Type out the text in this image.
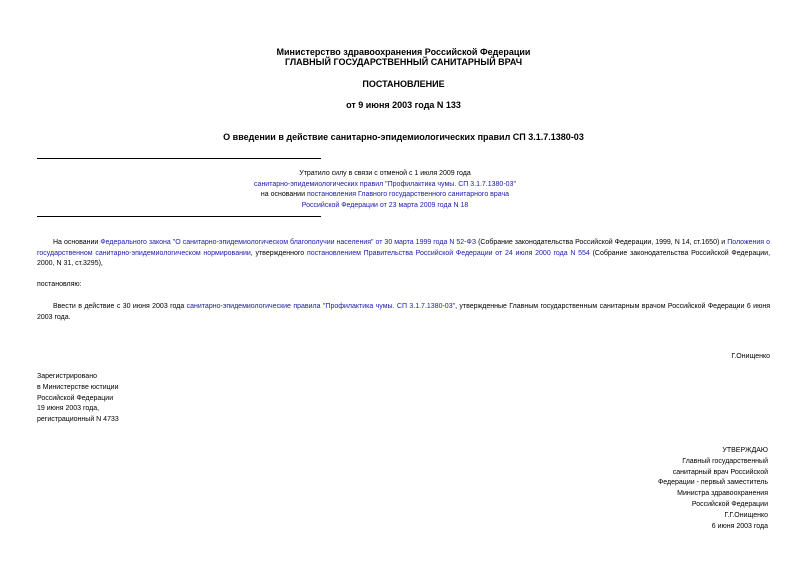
Министерство здравоохранения Российской Федерации
ГЛАВНЫЙ ГОСУДАРСТВЕННЫЙ САНИТАРНЫЙ ВРАЧ
ПОСТАНОВЛЕНИЕ
от 9 июня 2003 года N 133
О введении в действие санитарно-эпидемиологических правил СП 3.1.7.1380-03
Утратило силу в связи с отменой с 1 июля 2009 года
санитарно-эпидемиологических правил "Профилактика чумы. СП 3.1.7.1380-03"
на основании постановления Главного государственного санитарного врача
Российской Федерации от 23 марта 2009 года N 18
На основании Федерального закона "О санитарно-эпидемиологическом благополучии населения" от 30 марта 1999 года N 52-ФЗ (Собрание законодательства Российской Федерации, 1999, N 14, ст.1650) и Положения о государственном санитарно-эпидемиологическом нормировании, утвержденного постановлением Правительства Российской Федерации от 24 июля 2000 года N 554 (Собрание законодательства Российской Федерации, 2000, N 31, ст.3295),
постановляю:
Ввести в действие с 30 июня 2003 года санитарно-эпидемиологические правила "Профилактика чумы. СП 3.1.7.1380-03", утвержденные Главным государственным санитарным врачом Российской Федерации 6 июня 2003 года.
Г.Онищенко
Зарегистрировано
в Министерстве юстиции
Российской Федерации
19 июня 2003 года,
регистрационный N 4733
УТВЕРЖДАЮ
Главный государственный
санитарный врач Российской
Федерации - первый заместитель
Министра здравоохранения
Российской Федерации
Г.Г.Онищенко
6 июня 2003 года
